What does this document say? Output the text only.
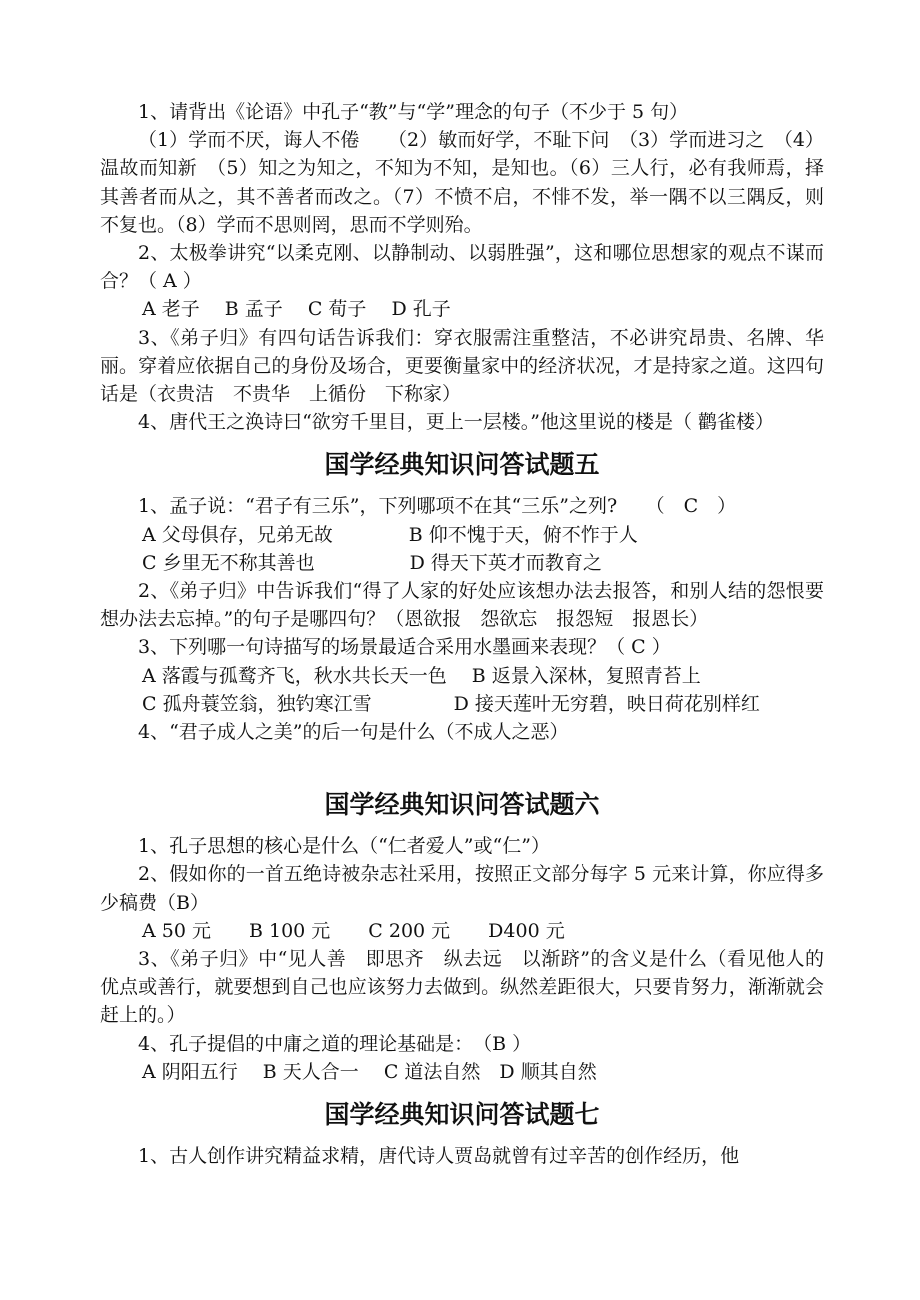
1、请背出《论语》中孔子“教”与“学”理念的句子（不少于 5 句）

（1）学而不厌，诲人不倦　　（2）敏而好学，不耻下问　（3）学而进习之　（4）温故而知新　（5）知之为知之，不知为不知，是知也。（6）三人行，必有我师焉，择其善者而从之，其不善者而改之。（7）不愤不启，不悱不发，举一隅不以三隅反，则不复也。（8）学而不思则罔，思而不学则殆。

2、太极拳讲究“以柔克刚、以静制动、以弱胜强”，这和哪位思想家的观点不谋而合？（ A ）

A 老子　 B 孟子　 C 荀子　 D 孔子

3、《弟子归》有四句话告诉我们：穿衣服需注重整洁，不必讲究昂贵、名牌、华丽。穿着应依据自己的身份及场合，更要衡量家中的经济状况，才是持家之道。这四句话是（衣贵洁　不贵华　上循份　下称家）

4、唐代王之涣诗曰“欲穷千里目，更上一层楼。”他这里说的楼是（ 鹳雀楼）

国学经典知识问答试题五

1、孟子说：“君子有三乐”，下列哪项不在其“三乐”之列?　　（　C　）

A 父母俱存，兄弟无故　　　　B 仰不愧于天，俯不怍于人

C 乡里无不称其善也　　　　　D 得天下英才而教育之

2、《弟子归》中告诉我们“得了人家的好处应该想办法去报答，和别人结的怨恨要想办法去忘掉。”的句子是哪四句？（恩欲报　怨欲忘　报怨短　报恩长）

3、下列哪一句诗描写的场景最适合采用水墨画来表现？（ C ）

A 落霞与孤鹜齐飞，秋水共长天一色　 B 返景入深林，复照青苔上

C 孤舟蓑笠翁，独钓寒江雪　　　　 D 接天莲叶无穷碧，映日荷花别样红

4、“君子成人之美”的后一句是什么（不成人之恶）

国学经典知识问答试题六

1、孔子思想的核心是什么（“仁者爱人”或“仁”）

2、假如你的一首五绝诗被杂志社采用，按照正文部分每字 5 元来计算，你应得多少稿费（B）

A 50 元　　B 100 元　　C 200 元　　D400 元

3、《弟子归》中“见人善　即思齐　纵去远　以渐跻”的含义是什么（看见他人的优点或善行，就要想到自己也应该努力去做到。纵然差距很大，只要肯努力，渐渐就会赶上的。）

4、孔子提倡的中庸之道的理论基础是：　（B ）

A 阴阳五行　 B 天人合一　 C 道法自然　D 顺其自然

国学经典知识问答试题七

1、古人创作讲究精益求精，唐代诗人贾岛就曾有过辛苦的创作经历，他
